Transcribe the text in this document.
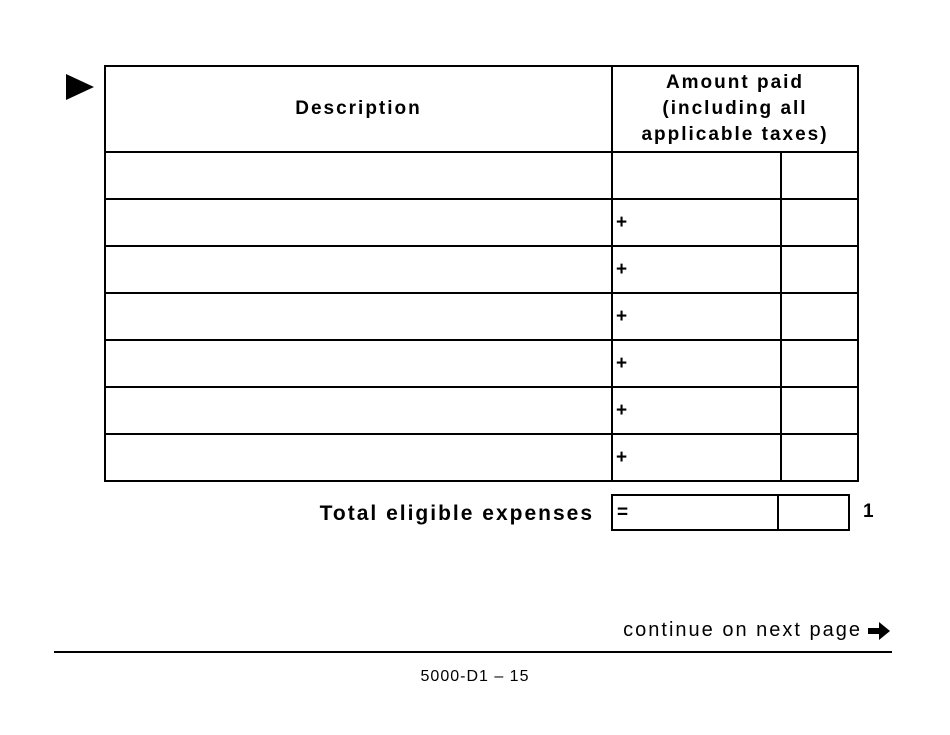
Description	Amount paid (including all applicable taxes)	

	+	
	+	
	+	
	+	
	+	
	+	
Total eligible expenses =	1
continue on next page
5000-D1 – 15
